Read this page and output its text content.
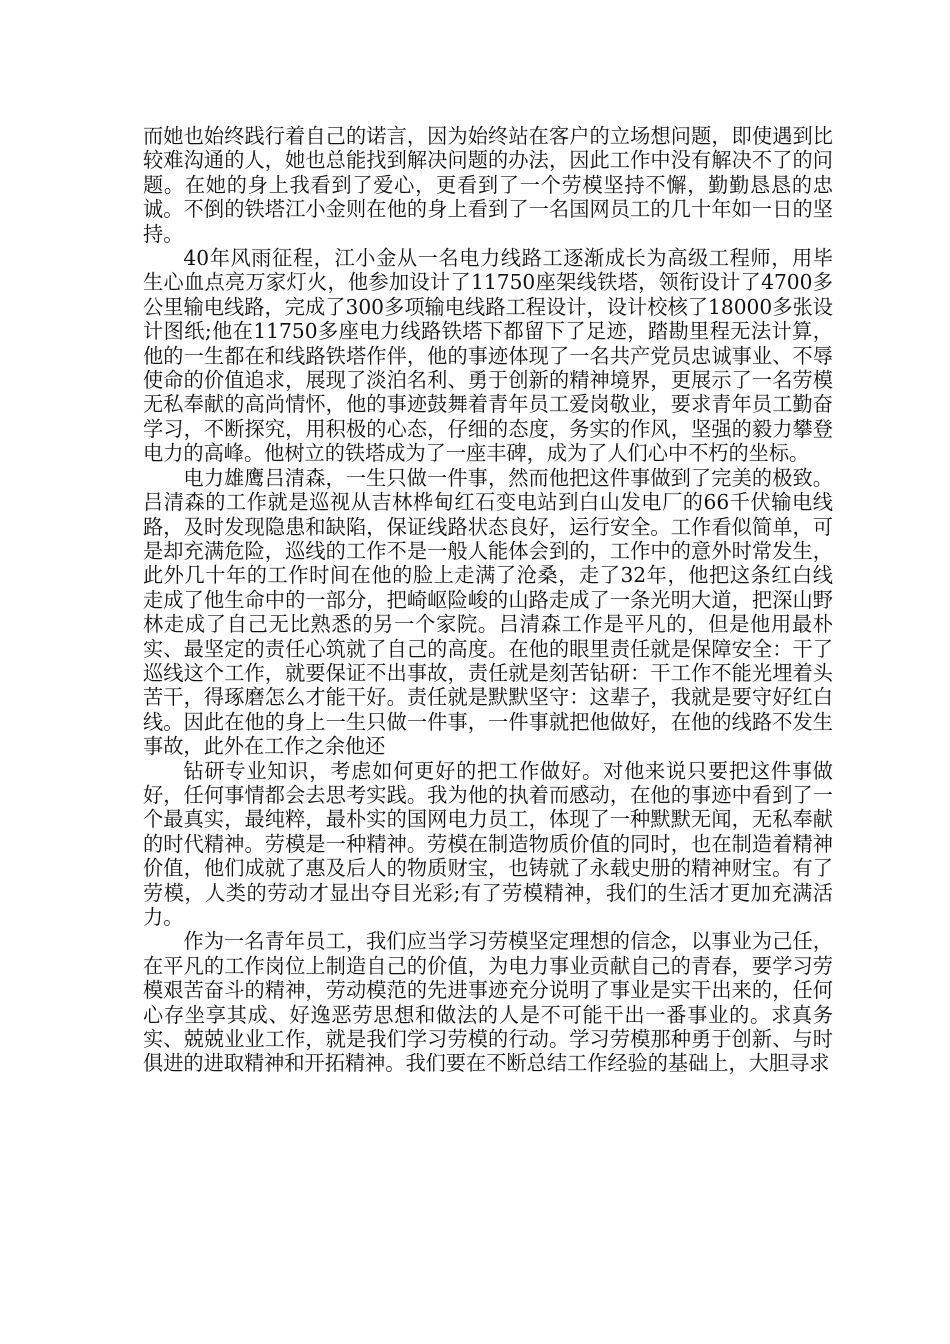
而她也始终践行着自己的诺言，因为始终站在客户的立场想问题，即使遇到比较难沟通的人，她也总能找到解决问题的办法，因此工作中没有解决不了的问题。在她的身上我看到了爱心，更看到了一个劳模坚持不懈，勤勤恳恳的忠诚。不倒的铁塔江小金则在他的身上看到了一名国网员工的几十年如一日的坚持。

40年风雨征程，江小金从一名电力线路工逐渐成长为高级工程师，用毕生心血点亮万家灯火，他参加设计了11750座架线铁塔，领衔设计了4700多公里输电线路，完成了300多项输电线路工程设计，设计校核了18000多张设计图纸;他在11750多座电力线路铁塔下都留下了足迹，踏勘里程无法计算，他的一生都在和线路铁塔作伴，他的事迹体现了一名共产党员忠诚事业、不辱使命的价值追求，展现了淡泊名利、勇于创新的精神境界，更展示了一名劳模无私奉献的高尚情怀，他的事迹鼓舞着青年员工爱岗敬业，要求青年员工勤奋学习，不断探究，用积极的心态，仔细的态度，务实的作风，坚强的毅力攀登电力的高峰。他树立的铁塔成为了一座丰碑，成为了人们心中不朽的坐标。

电力雄鹰吕清森，一生只做一件事，然而他把这件事做到了完美的极致。吕清森的工作就是巡视从吉林桦甸红石变电站到白山发电厂的66千伏输电线路，及时发现隐患和缺陷，保证线路状态良好，运行安全。工作看似简单，可是却充满危险，巡线的工作不是一般人能体会到的，工作中的意外时常发生，此外几十年的工作时间在他的脸上走满了沧桑，走了32年，他把这条红白线走成了他生命中的一部分，把崎岖险峻的山路走成了一条光明大道，把深山野林走成了自己无比熟悉的另一个家院。吕清森工作是平凡的，但是他用最朴实、最坚定的责任心筑就了自己的高度。在他的眼里责任就是保障安全：干了巡线这个工作，就要保证不出事故，责任就是刻苦钻研：干工作不能光埋着头苦干，得琢磨怎么才能干好。责任就是默默坚守：这辈子，我就是要守好红白线。因此在他的身上一生只做一件事，一件事就把他做好，在他的线路不发生事故，此外在工作之余他还

钻研专业知识，考虑如何更好的把工作做好。对他来说只要把这件事做好，任何事情都会去思考实践。我为他的执着而感动，在他的事迹中看到了一个最真实，最纯粹，最朴实的国网电力员工，体现了一种默默无闻，无私奉献的时代精神。劳模是一种精神。劳模在制造物质价值的同时，也在制造着精神价值，他们成就了惠及后人的物质财宝，也铸就了永载史册的精神财宝。有了劳模，人类的劳动才显出夺目光彩;有了劳模精神，我们的生活才更加充满活力。

作为一名青年员工，我们应当学习劳模坚定理想的信念，以事业为己任，在平凡的工作岗位上制造自己的价值，为电力事业贡献自己的青春，要学习劳模艰苦奋斗的精神，劳动模范的先进事迹充分说明了事业是实干出来的，任何心存坐享其成、好逸恶劳思想和做法的人是不可能干出一番事业的。求真务实、兢兢业业工作，就是我们学习劳模的行动。学习劳模那种勇于创新、与时俱进的进取精神和开拓精神。我们要在不断总结工作经验的基础上，大胆寻求
